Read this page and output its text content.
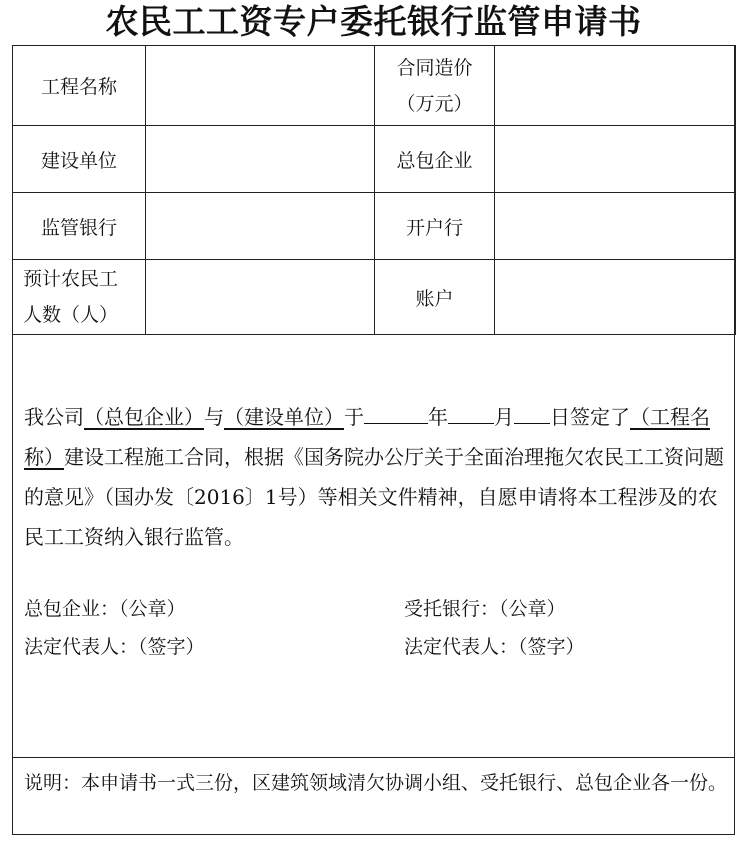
农民工工资专户委托银行监管申请书
工程名称		合同造价
（万元）	

建设单位		总包企业	
监管银行		开户行	

预计农民工
人数（人）		账户	

我公司（总包企业）与（建设单位）于	年 月 日签定了（工程名称）建设工程施工合同，根据《国务院办公厅关于全面治理拖欠农民工工资问题的意见》（国办发〔2016〕1号）等相关文件精神，自愿申请将本工程涉及的农民工工资纳入银行监管。

总包企业：（公章）
法定代表人：（签字）
受托银行：（公章）
法定代表人：（签字）
说明：本申请书一式三份，区建筑领域清欠协调小组、受托银行、总包企业各一份。
